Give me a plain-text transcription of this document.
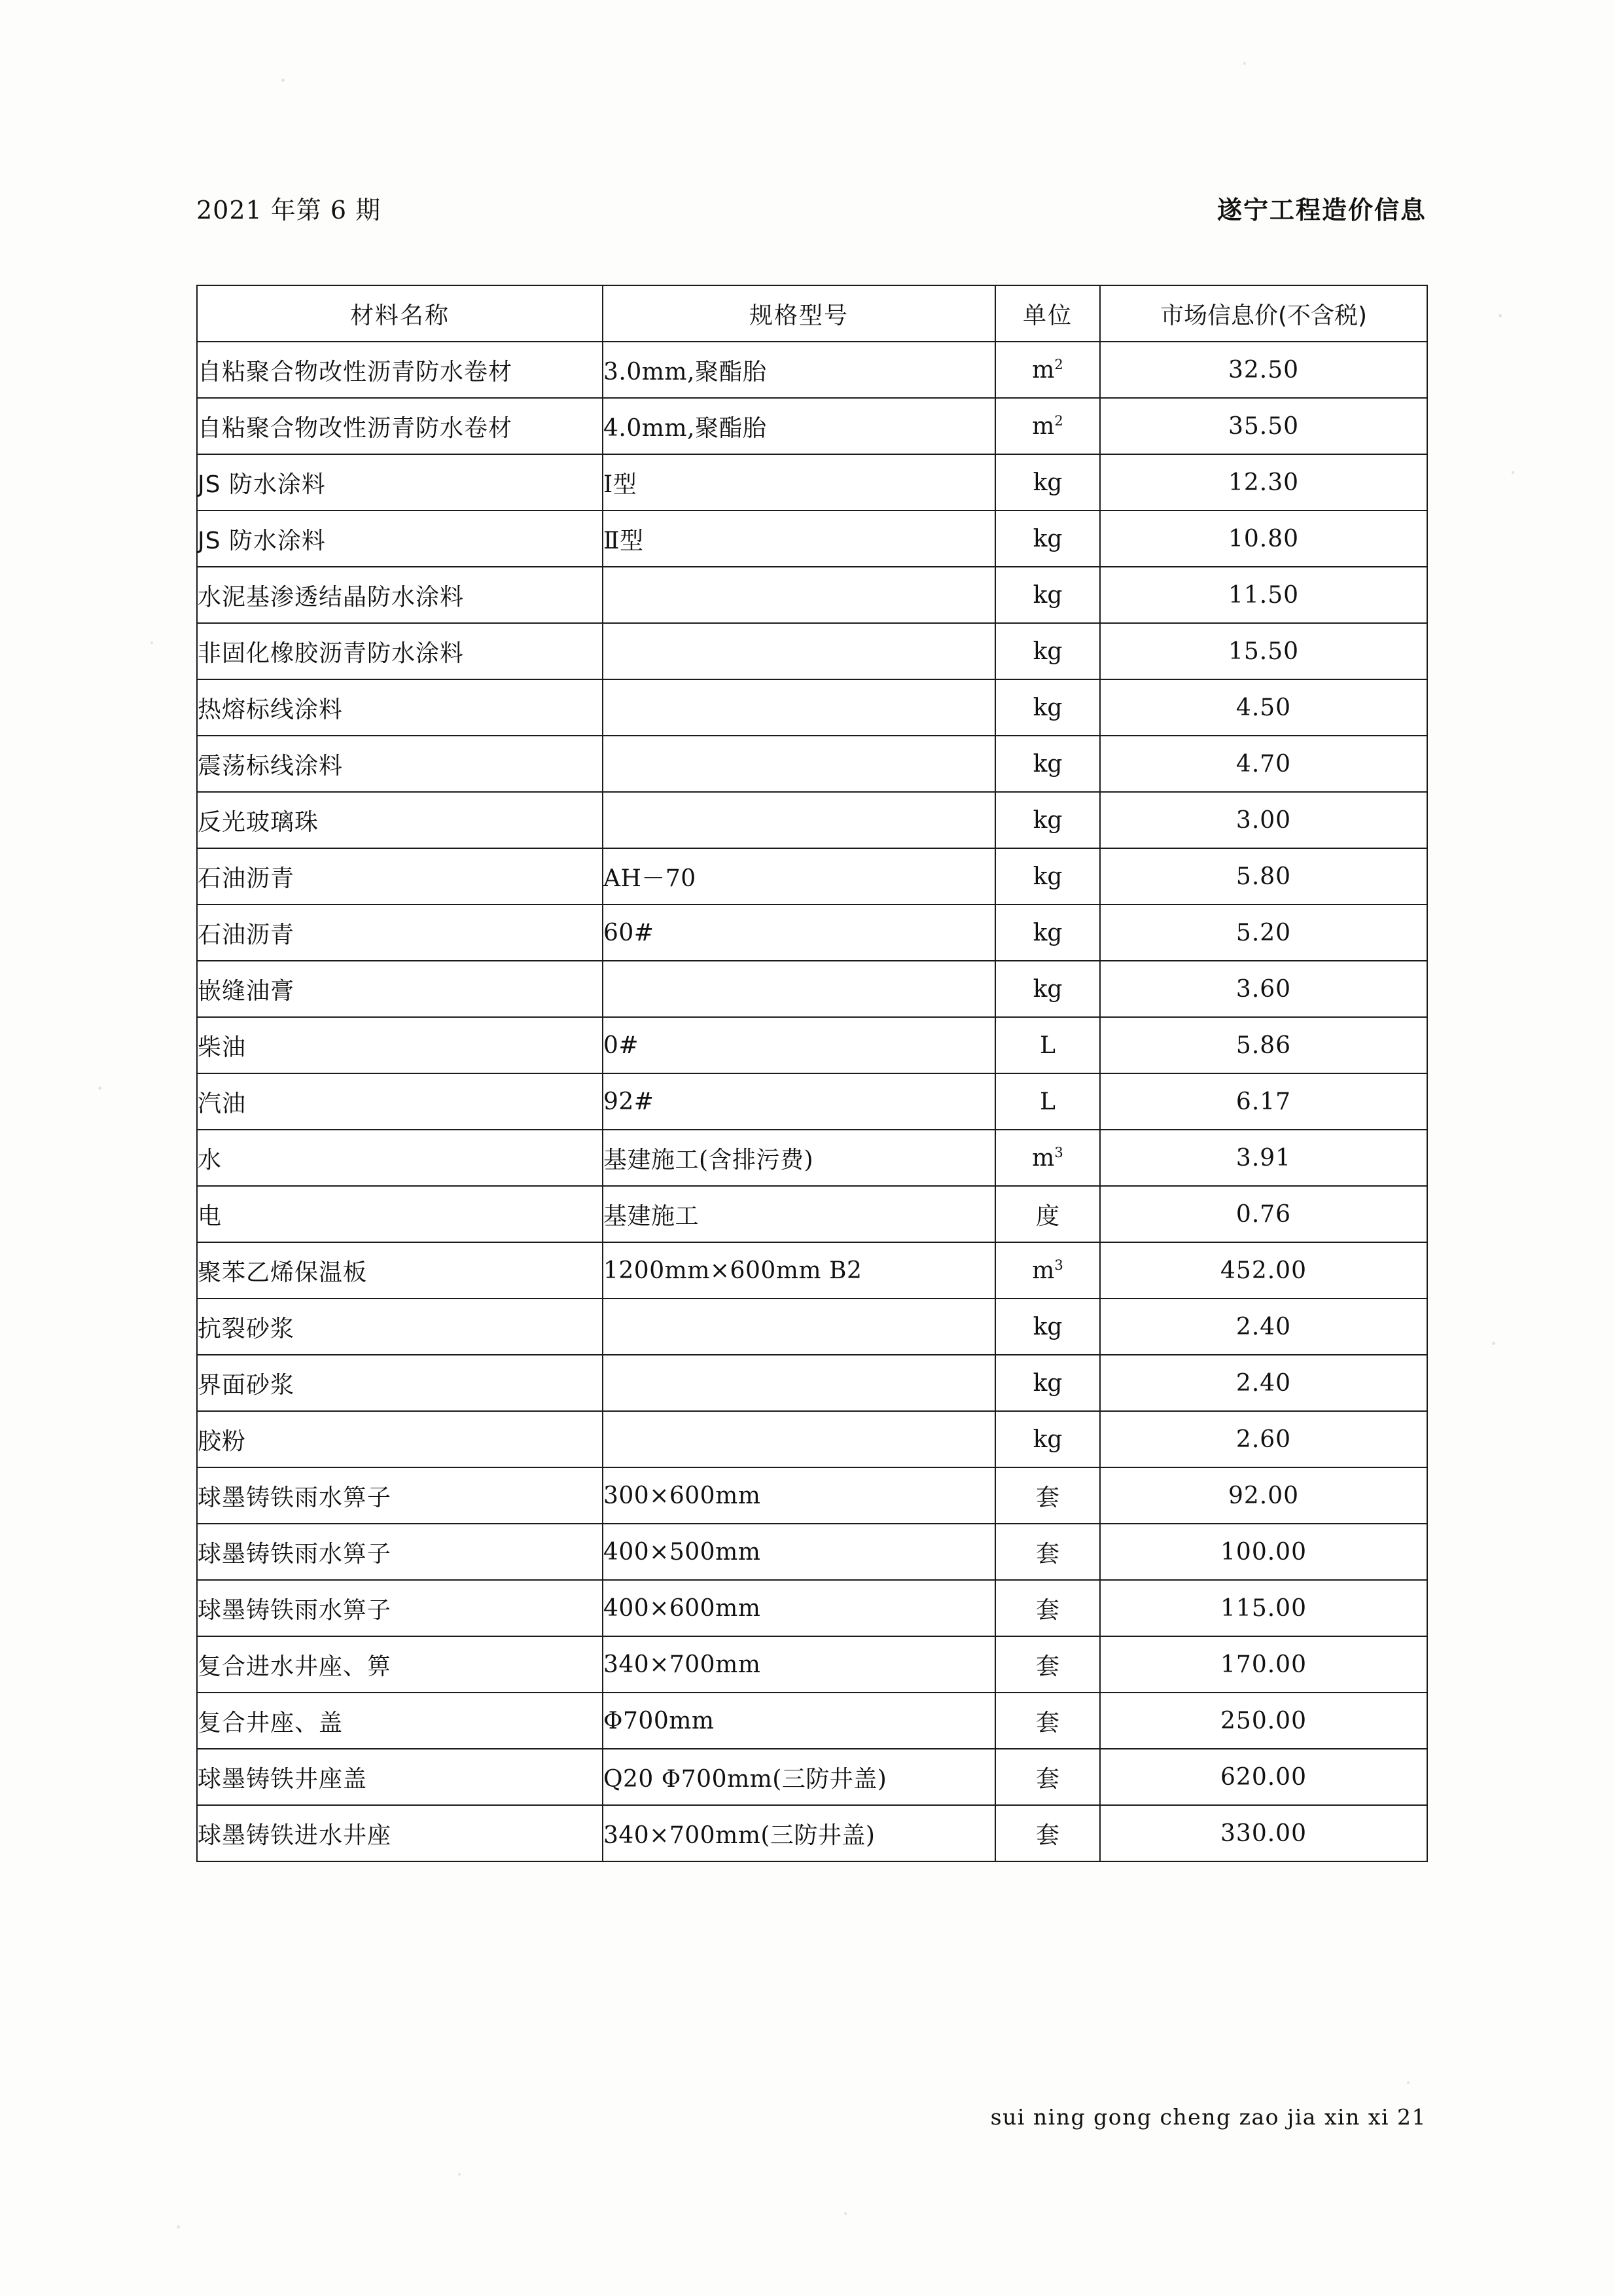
2021 年第 6 期	遂宁工程造价信息
材料名称	规格型号	单位	市场信息价(不含税)
自粘聚合物改性沥青防水卷材	3.0mm,聚酯胎	$m^2$	32.50
自粘聚合物改性沥青防水卷材	4.0mm,聚酯胎	$m^2$	35.50
JS 防水涂料	Ⅰ型	kg	12.30
JS 防水涂料	Ⅱ型	kg	10.80
水泥基渗透结晶防水涂料		kg	11.50
非固化橡胶沥青防水涂料		kg	15.50
热熔标线涂料		kg	4.50
震荡标线涂料		kg	4.70
反光玻璃珠		kg	3.00
石油沥青	AH－70	kg	5.80
石油沥青	60#	kg	5.20
嵌缝油膏		kg	3.60
柴油	0#	L	5.86
汽油	92#	L	6.17
水	基建施工(含排污费)	$m^3$	3.91
电	基建施工	度	0.76
聚苯乙烯保温板	1200mm×600mm B2	$m^3$	452.00
抗裂砂浆		kg	2.40
界面砂浆		kg	2.40
胶粉		kg	2.60
球墨铸铁雨水箅子	300×600mm	套	92.00
球墨铸铁雨水箅子	400×500mm	套	100.00
球墨铸铁雨水箅子	400×600mm	套	115.00
复合进水井座、箅	340×700mm	套	170.00
复合井座、盖	Φ700mm	套	250.00
球墨铸铁井座盖	Q20 Φ700mm(三防井盖)	套	620.00
球墨铸铁进水井座	340×700mm(三防井盖)	套	330.00
sui ning gong cheng zao jia xin xi 21
